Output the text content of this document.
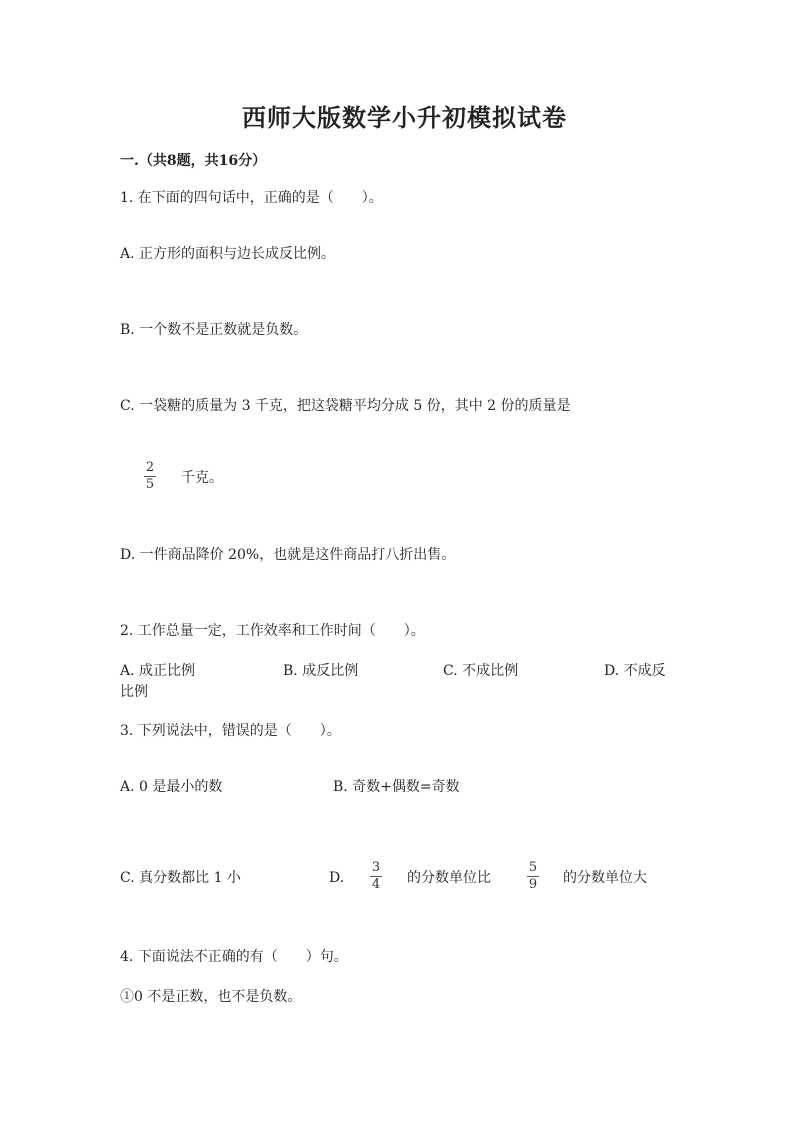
西师大版数学小升初模拟试卷
一.（共8题，共16分）
1. 在下面的四句话中，正确的是（　　）。
A. 正方形的面积与边长成反比例。
B. 一个数不是正数就是负数。
C. 一袋糖的质量为 3 千克，把这袋糖平均分成 5 份，其中 2 份的质量是
2
5 千克。
D. 一件商品降价 20%，也就是这件商品打八折出售。
2. 工作总量一定，工作效率和工作时间（　　）。
A. 成正比例	B. 成反比例	C. 不成比例	D. 不成反
比例
3. 下列说法中，错误的是（　　）。
A. 0 是最小的数	B. 奇数+偶数=奇数
C. 真分数都比 1 小	D.
3
4 的分数单位比
5
9 的分数单位大
4. 下面说法不正确的有（　　）句。
①0 不是正数，也不是负数。
